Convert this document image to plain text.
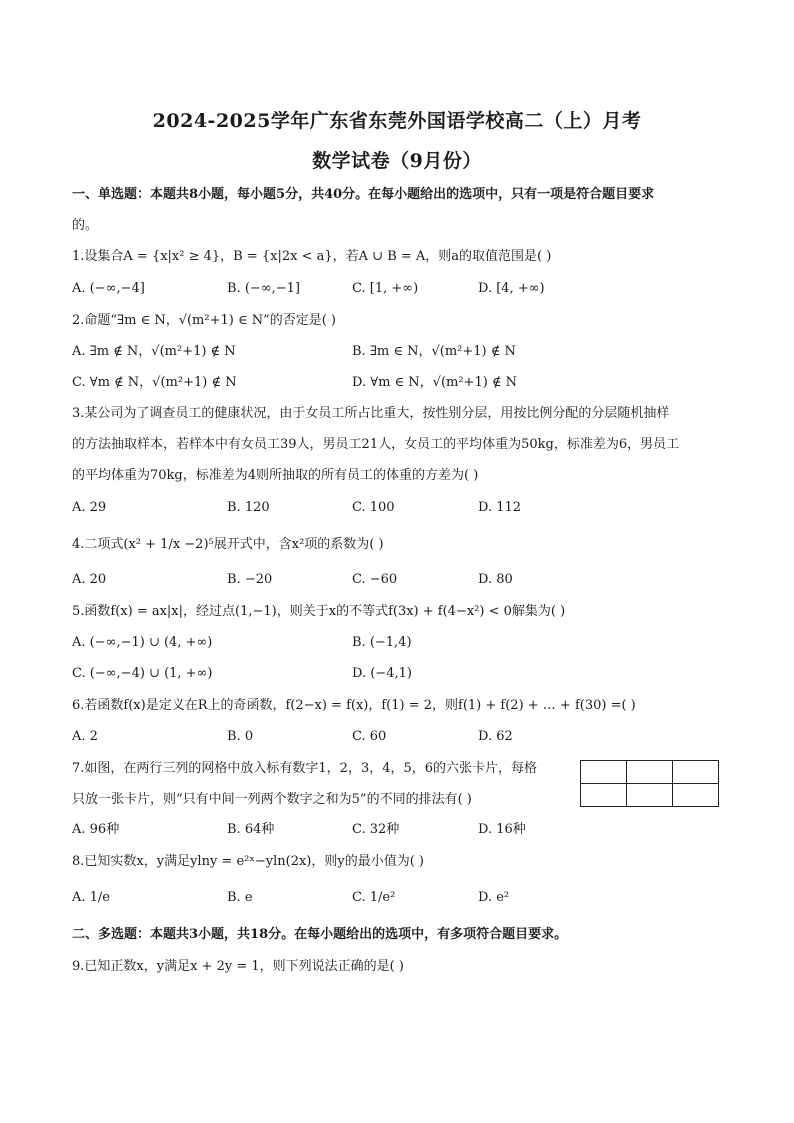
2024-2025学年广东省东莞外国语学校高二（上）月考
数学试卷（9月份）
一、单选题：本题共8小题，每小题5分，共40分。在每小题给出的选项中，只有一项是符合题目要求
的。
1.设集合A = {x|x² ≥ 4}，B = {x|2x < a}，若A ∪ B = A，则a的取值范围是( )
A. (−∞,−4]	B. (−∞,−1]	C. [1, +∞)	D. [4, +∞)
2.命题“∃m ∈ N，√(m²+1) ∈ N”的否定是( )
A. ∃m ∉ N，√(m²+1) ∉ N	B. ∃m ∈ N，√(m²+1) ∉ N
C. ∀m ∉ N，√(m²+1) ∉ N	D. ∀m ∈ N，√(m²+1) ∉ N
3.某公司为了调查员工的健康状况，由于女员工所占比重大，按性别分层，用按比例分配的分层随机抽样
的方法抽取样本，若样本中有女员工39人，男员工21人，女员工的平均体重为50kg，标准差为6，男员工
的平均体重为70kg，标准差为4则所抽取的所有员工的体重的方差为( )
A. 29	B. 120	C. 100	D. 112
4.二项式(x² + 1/x −2)⁵展开式中，含x²项的系数为( )
A. 20	B. −20	C. −60	D. 80
5.函数f(x) = ax|x|，经过点(1,−1)，则关于x的不等式f(3x) + f(4−x²) < 0解集为( )
A. (−∞,−1) ∪ (4, +∞)	B. (−1,4)
C. (−∞,−4) ∪ (1, +∞)	D. (−4,1)
6.若函数f(x)是定义在R上的奇函数，f(2−x) = f(x)，f(1) = 2，则f(1) + f(2) + … + f(30) =( )
A. 2	B. 0	C. 60	D. 62
7.如图，在两行三列的网格中放入标有数字1，2，3，4，5，6的六张卡片，每格
只放一张卡片，则“只有中间一列两个数字之和为5”的不同的排法有( )

A. 96种	B. 64种	C. 32种	D. 16种
8.已知实数x，y满足ylny = e²ˣ−yln(2x)，则y的最小值为( )
A. 1/e	B. e	C. 1/e²	D. e²
二、多选题：本题共3小题，共18分。在每小题给出的选项中，有多项符合题目要求。
9.已知正数x，y满足x + 2y = 1，则下列说法正确的是( )
